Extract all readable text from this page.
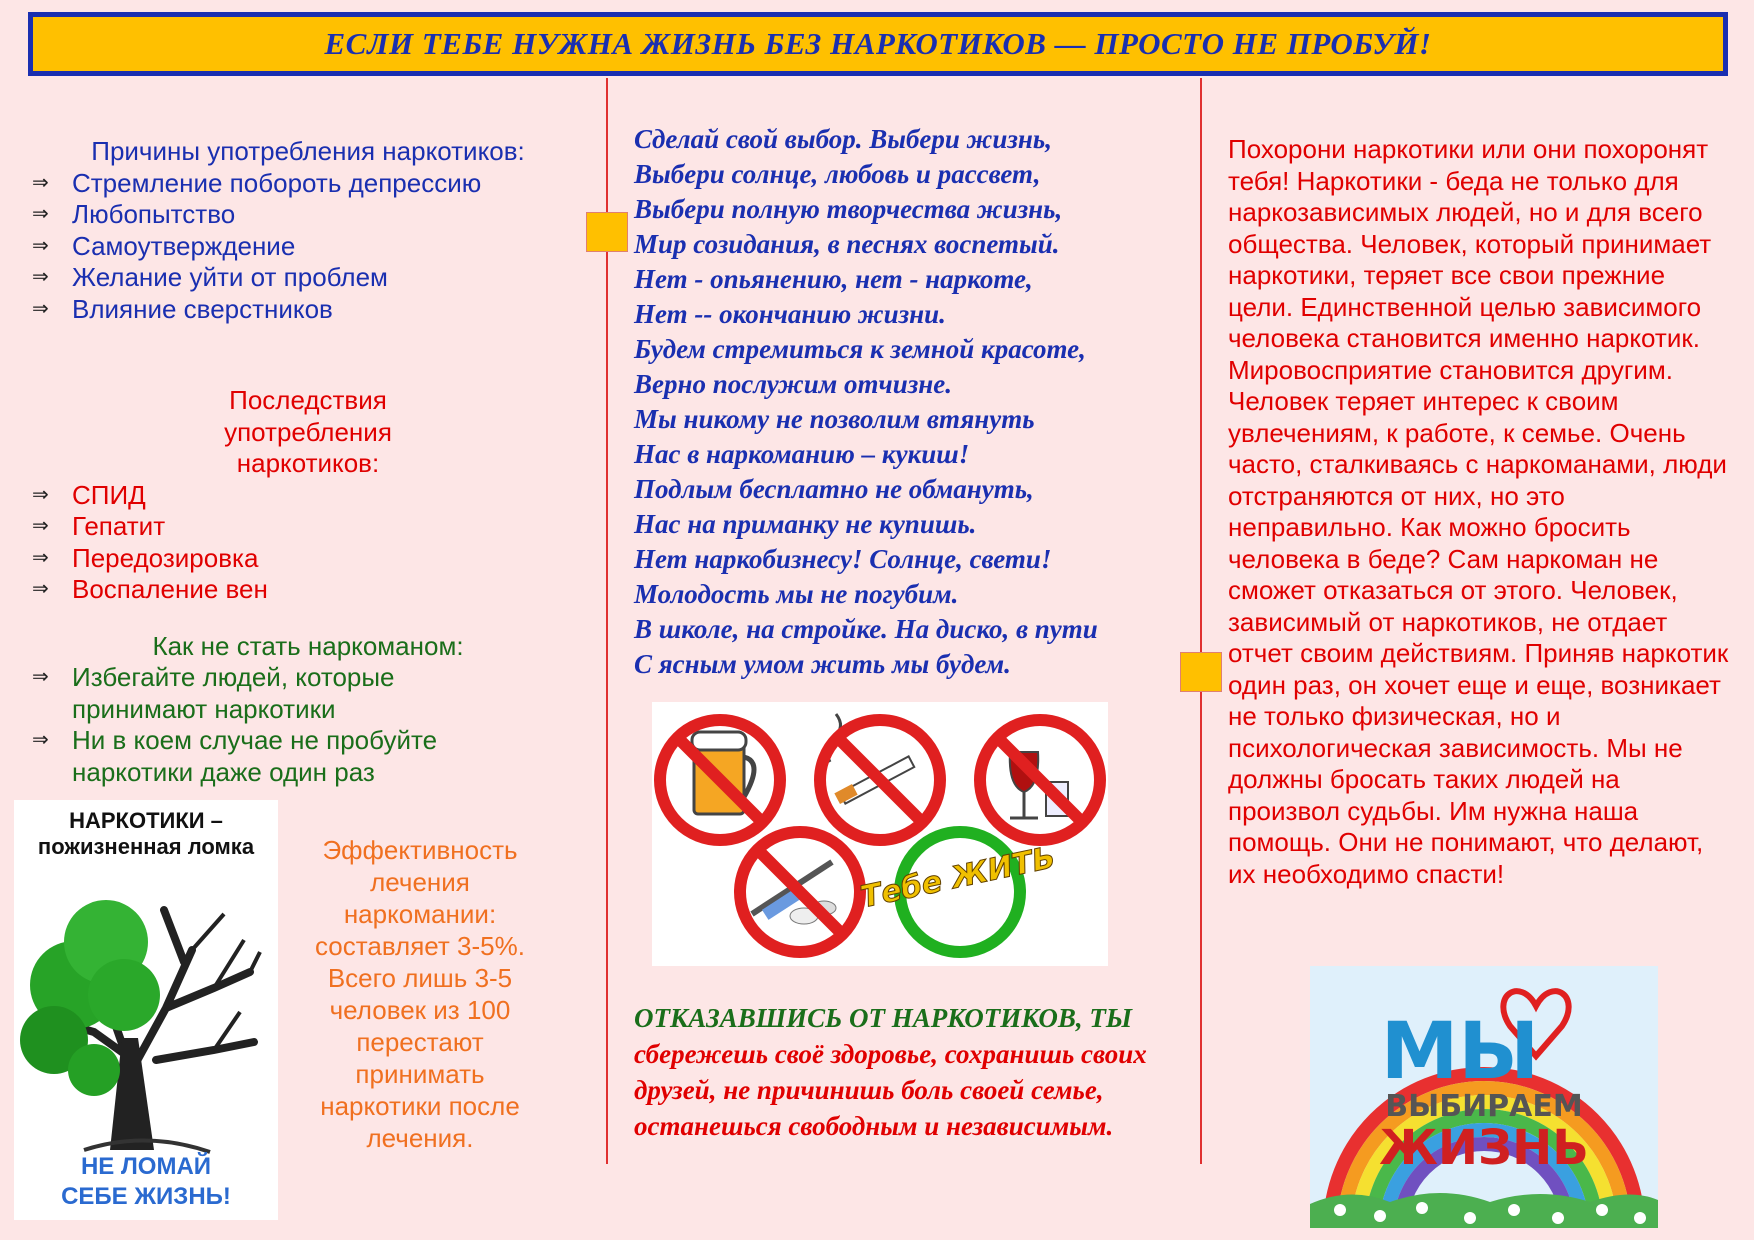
ЕСЛИ ТЕБЕ НУЖНА ЖИЗНЬ БЕЗ НАРКОТИКОВ — ПРОСТО НЕ ПРОБУЙ!
Причины употребления наркотиков:
⇒ Стремление побороть депрессию
⇒ Любопытство
⇒ Самоутверждение
⇒ Желание уйти от проблем
⇒ Влияние сверстников
Последствия употребления наркотиков:
⇒ СПИД
⇒ Гепатит
⇒ Передозировка
⇒ Воспаление вен
Как не стать наркоманом:
⇒ Избегайте людей, которые принимают наркотики
⇒ Ни в коем случае не пробуйте наркотики даже один раз
НАРКОТИКИ – пожизненная ломка
НЕ ЛОМАЙ СЕБЕ ЖИЗНЬ!
Эффективность лечения наркомании: составляет 3-5%. Всего лишь 3-5 человек из 100 перестают принимать наркотики после лечения.
Сделай свой выбор. Выбери жизнь,
Выбери солнце, любовь и рассвет,
Выбери полную творчества жизнь,
Мир созидания, в песнях воспетый.
Нет - опьянению, нет - наркоте,
Нет -- окончанию жизни.
Будем стремиться к земной красоте,
Верно послужим отчизне.
Мы никому не позволим втянуть
Нас в наркоманию – кукиш!
Подлым бесплатно не обмануть,
Нас на приманку не купишь.
Нет наркобизнесу! Солнце, свети!
Молодость мы не погубим.
В школе, на стройке. На диско, в пути
С ясным умом жить мы будем.
Тебе ЖИТЬ
ОТКАЗАВШИСЬ ОТ НАРКОТИКОВ, ТЫ сбережешь своё здоровье, сохранишь своих друзей, не причинишь боль своей семье, останешься свободным и независимым.
Похорони наркотики или они похоронят тебя! Наркотики - беда не только для наркозависимых людей, но и для всего общества. Человек, который принимает наркотики, теряет все свои прежние цели. Единственной целью зависимого человека становится именно наркотик. Мировосприятие становится другим. Человек теряет интерес к своим увлечениям, к работе, к семье. Очень часто, сталкиваясь с наркоманами, люди отстраняются от них, но это неправильно. Как можно бросить человека в беде? Сам наркоман не сможет отказаться от этого. Человек, зависимый от наркотиков, не отдает отчет своим действиям. Приняв наркотик один раз, он хочет еще и еще, возникает не только физическая, но и психологическая зависимость. Мы не должны бросать таких людей на произвол судьбы. Им нужна наша помощь. Они не понимают, что делают, их необходимо спасти!
МЫ
ВЫБИРАЕМ
ЖИЗНЬ
